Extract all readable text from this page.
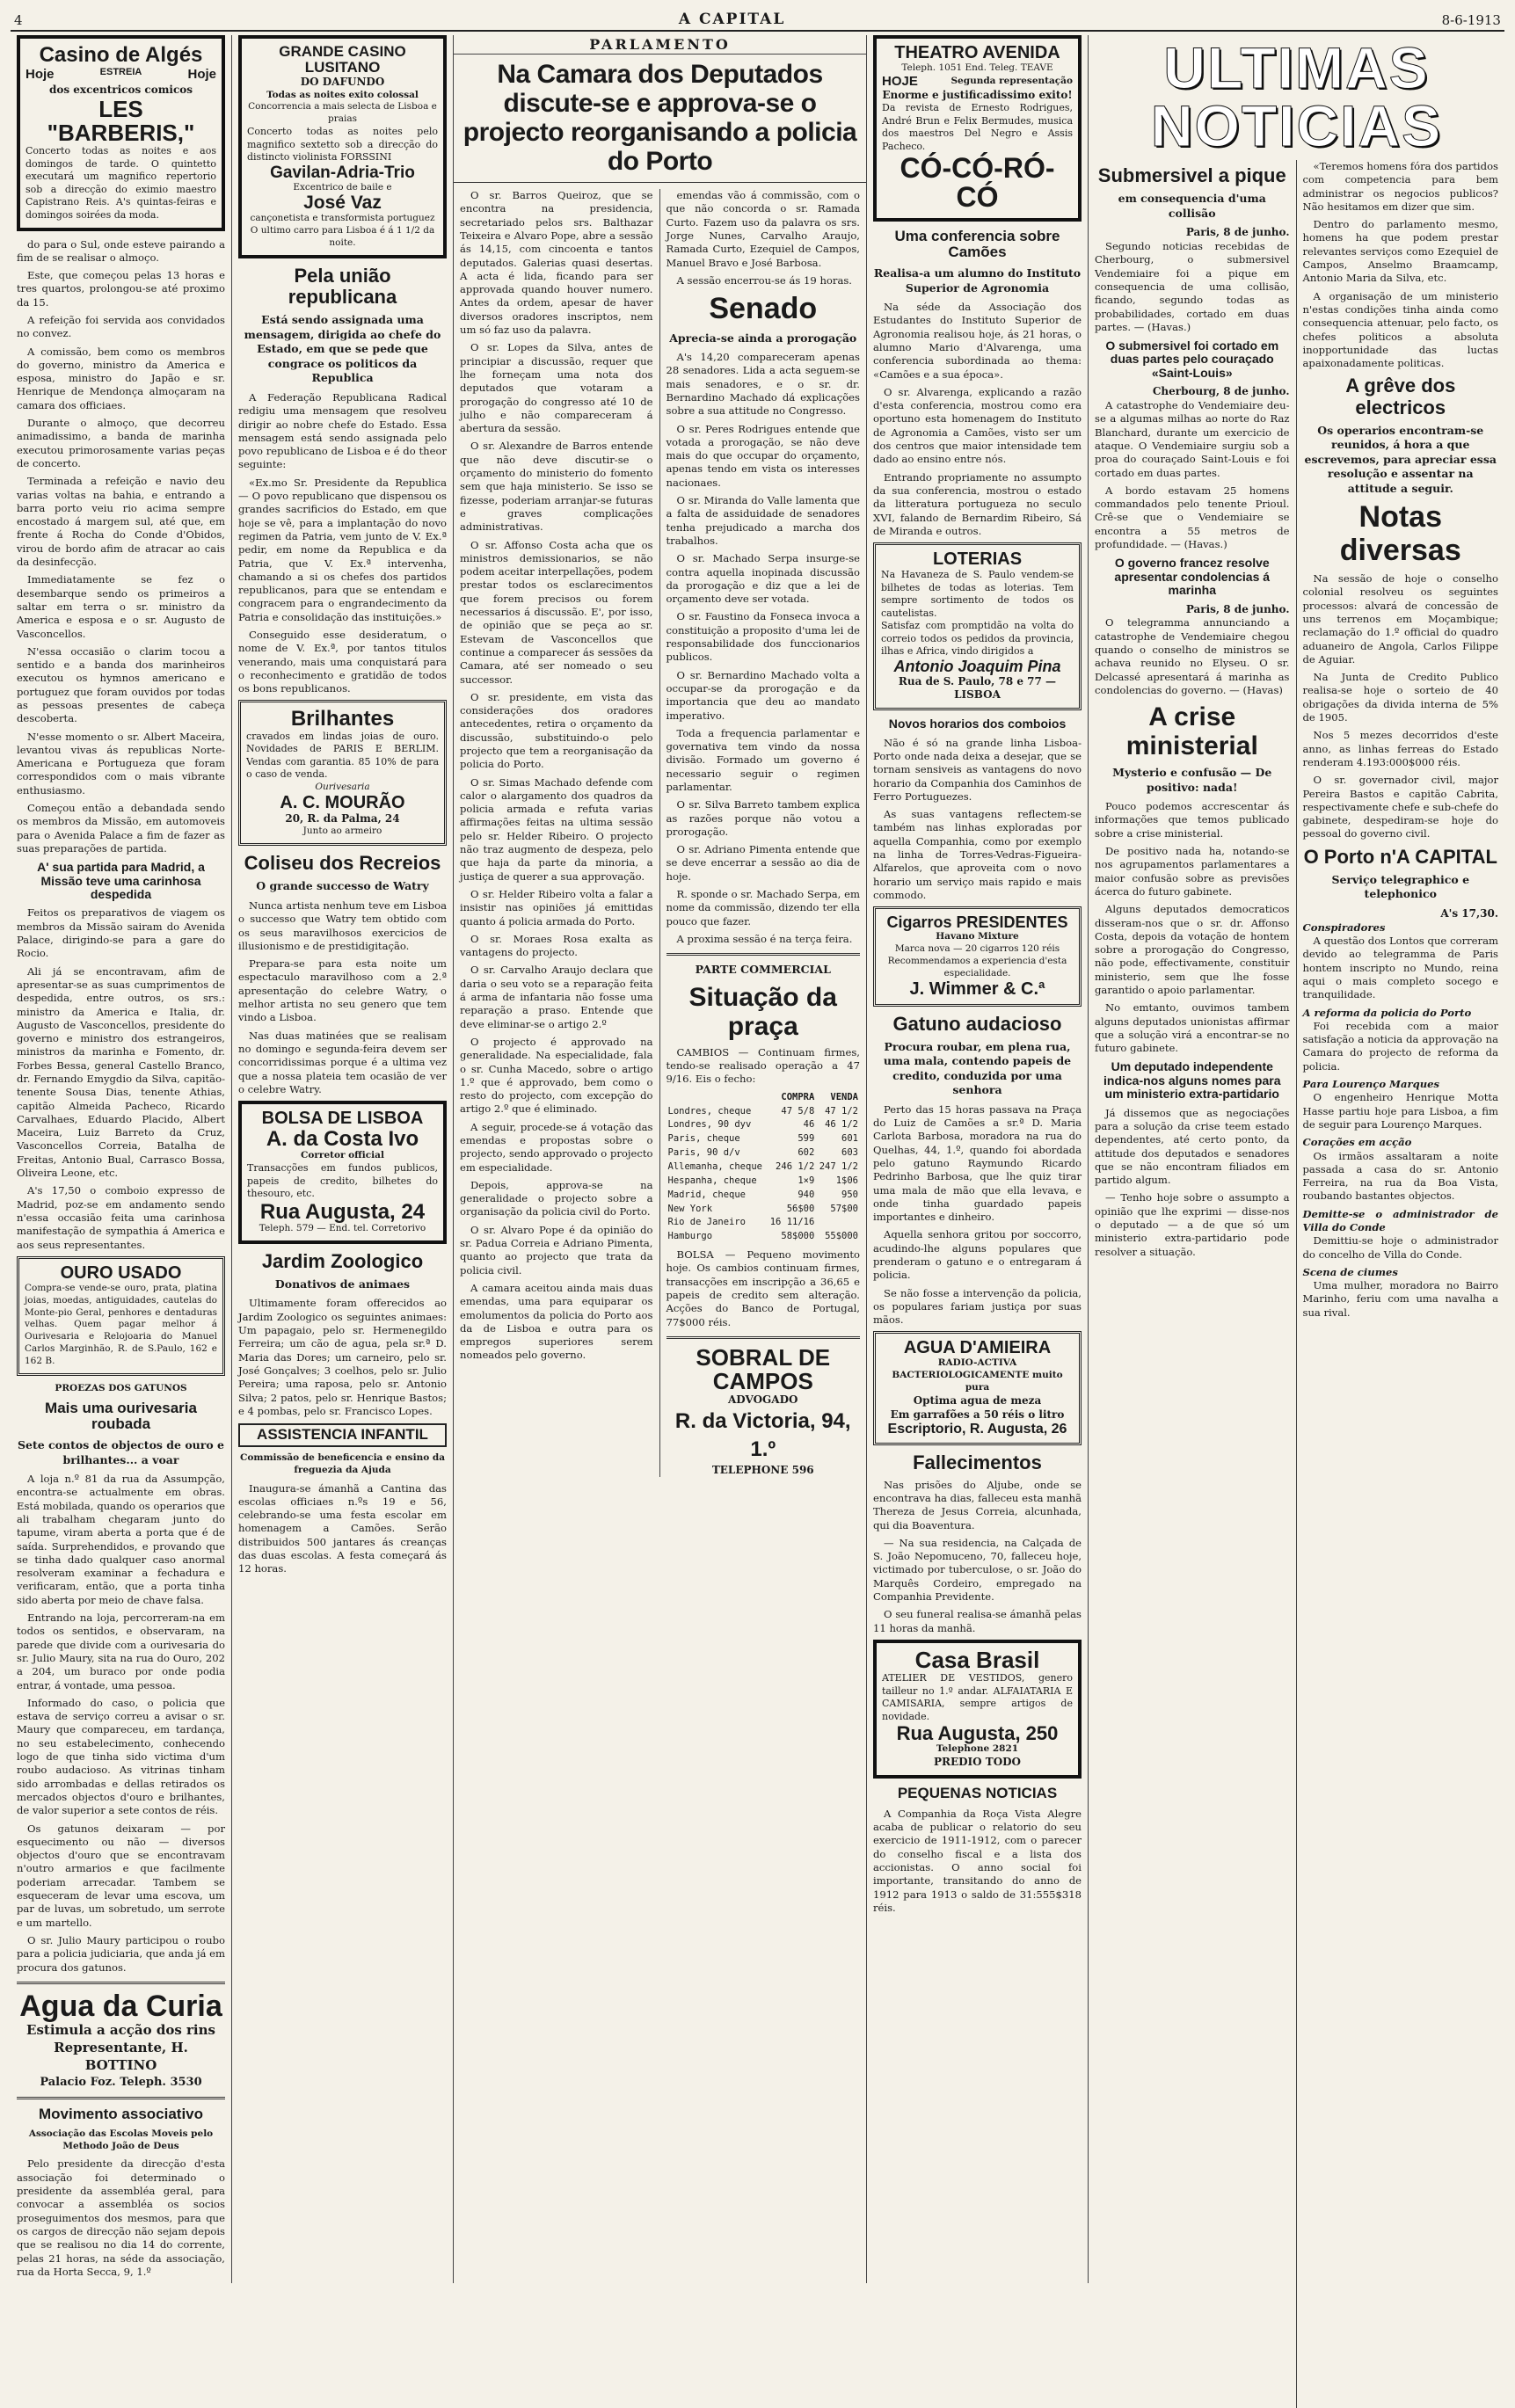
4	A CAPITAL	8-6-1913
Casino de Algés
Hoje	ESTREIA	Hoje
dos excentricos comicos
LES "BARBERIS,"
Concerto todas as noites e aos domingos de tarde. O quintetto executará um magnifico repertorio sob a direcção do eximio maestro Capistrano Reis. A's quintas-feiras e domingos soirées da moda.

do para o Sul, onde esteve pairando a fim de se realisar o almoço.

Este, que começou pelas 13 horas e tres quartos, prolongou-se até proximo da 15.

A refeição foi servida aos convidados no convez.

A comissão, bem como os membros do governo, ministro da America e esposa, ministro do Japão e sr. Henrique de Mendonça almoçaram na camara dos officiaes.

Durante o almoço, que decorreu animadissimo, a banda de marinha executou primorosamente varias peças de concerto.

Terminada a refeição e navio deu varias voltas na bahia, e entrando a barra porto veiu rio acima sempre encostado á margem sul, até que, em frente á Rocha do Conde d'Obidos, virou de bordo afim de atracar ao cais da desinfecção.

Immediatamente se fez o desembarque sendo os primeiros a saltar em terra o sr. ministro da America e esposa e o sr. Augusto de Vasconcellos.

N'essa occasião o clarim tocou a sentido e a banda dos marinheiros executou os hymnos americano e portuguez que foram ouvidos por todas as pessoas presentes de cabeça descoberta.

N'esse momento o sr. Albert Maceira, levantou vivas ás republicas Norte-Americana e Portugueza que foram correspondidos com o mais vibrante enthusiasmo.

Começou então a debandada sendo os membros da Missão, em automoveis para o Avenida Palace a fim de fazer as suas preparações de partida.

A' sua partida para Madrid, a Missão teve uma carinhosa despedida

Feitos os preparativos de viagem os membros da Missão sairam do Avenida Palace, dirigindo-se para a gare do Rocio.

Ali já se encontravam, afim de apresentar-se as suas cumprimentos de despedida, entre outros, os srs.: ministro da America e Italia, dr. Augusto de Vasconcellos, presidente do governo e ministro dos estrangeiros, ministros da marinha e Fomento, dr. Forbes Bessa, general Castello Branco, dr. Fernando Emygdio da Silva, capitão-tenente Sousa Dias, tenente Athias, capitão Almeida Pacheco, Ricardo Carvalhaes, Eduardo Placido, Albert Maceira, Luiz Barreto da Cruz, Vasconcellos Correia, Batalha de Freitas, Antonio Bual, Carrasco Bossa, Oliveira Leone, etc.

A's 17,50 o comboio expresso de Madrid, poz-se em andamento sendo n'essa occasião feita uma carinhosa manifestação de sympathia á America e aos seus representantes.

OURO USADO
Compra-se vende-se ouro, prata, platina joias, moedas, antiguidades, cautelas do Monte-pio Geral, penhores e dentaduras velhas. Quem pagar melhor á Ourivesaria e Relojoaria do Manuel Carlos Marginhão, R. de S.Paulo, 162 e 162 B.
PROEZAS DOS GATUNOS
Mais uma ourivesaria roubada
Sete contos de objectos de ouro e brilhantes... a voar

A loja n.º 81 da rua da Assumpção, encontra-se actualmente em obras. Está mobilada, quando os operarios que ali trabalham chegaram junto do tapume, viram aberta a porta que é de saída. Surprehendidos, e provando que se tinha dado qualquer caso anormal resolveram examinar a fechadura e verificaram, então, que a porta tinha sido aberta por meio de chave falsa.

Entrando na loja, percorreram-na em todos os sentidos, e observaram, na parede que divide com a ourivesaria do sr. Julio Maury, sita na rua do Ouro, 202 a 204, um buraco por onde podia entrar, á vontade, uma pessoa.

Informado do caso, o policia que estava de serviço correu a avisar o sr. Maury que compareceu, em tardança, no seu estabelecimento, conhecendo logo de que tinha sido victima d'um roubo audacioso. As vitrinas tinham sido arrombadas e dellas retirados os mercados objectos d'ouro e brilhantes, de valor superior a sete contos de réis.

Os gatunos deixaram — por esquecimento ou não — diversos objectos d'ouro que se encontravam n'outro armarios e que facilmente poderiam arrecadar. Tambem se esqueceram de levar uma escova, um par de luvas, um sobretudo, um serrote e um martello.

O sr. Julio Maury participou o roubo para a policia judiciaria, que anda já em procura dos gatunos.

Agua da Curia
Estimula a acção dos rins
Representante, H. BOTTINO
Palacio Foz. Teleph. 3530
Movimento associativo
Associação das Escolas Moveis pelo Methodo João de Deus

Pelo presidente da direcção d'esta associação foi determinado o presidente da assembléa geral, para convocar a assembléa os socios proseguimentos dos mesmos, para que os cargos de direcção não sejam depois que se realisou no dia 14 do corrente, pelas 21 horas, na séde da associação, rua da Horta Secca, 9, 1.º

GRANDE CASINO LUSITANO
DO DAFUNDO
Todas as noites exito colossal
Concorrencia a mais selecta de Lisboa e praias
Concerto todas as noites pelo magnifico sextetto sob a direcção do distincto violinista FORSSINI
Gavilan-Adria-Trio
Excentrico de baile e
José Vaz
cançonetista e transformista portuguez
O ultimo carro para Lisboa é á 1 1/2 da noite.
Pela união republicana
Está sendo assignada uma mensagem, dirigida ao chefe do Estado, em que se pede que congrace os politicos da Republica

A Federação Republicana Radical redigiu uma mensagem que resolveu dirigir ao nobre chefe do Estado. Essa mensagem está sendo assignada pelo povo republicano de Lisboa e é do theor seguinte:

«Ex.mo Sr. Presidente da Republica — O povo republicano que dispensou os grandes sacrificios do Estado, em que hoje se vê, para a implantação do novo regimen da Patria, vem junto de V. Ex.ª pedir, em nome da Republica e da Patria, que V. Ex.ª intervenha, chamando a si os chefes dos partidos republicanos, para que se entendam e congracem para o engrandecimento da Patria e consolidação das instituições.»

Conseguido esse desideratum, o nome de V. Ex.ª, por tantos titulos venerando, mais uma conquistará para o reconhecimento e gratidão de todos os bons republicanos.

Brilhantes
cravados em lindas joias de ouro. Novidades de PARIS E BERLIM. Vendas com garantia. 85 10% de para o caso de venda.
Ourivesaria
A. C. MOURÃO
20, R. da Palma, 24
Junto ao armeiro
Coliseu dos Recreios
O grande successo de Watry

Nunca artista nenhum teve em Lisboa o successo que Watry tem obtido com os seus maravilhosos exercicios de illusionismo e de prestidigitação.

Prepara-se para esta noite um espectaculo maravilhoso com a 2.ª apresentação do celebre Watry, o melhor artista no seu genero que tem vindo a Lisboa.

Nas duas matinées que se realisam no domingo e segunda-feira devem ser concorridissimas porque é a ultima vez que a nossa plateia tem ocasião de ver o celebre Watry.

BOLSA DE LISBOA
A. da Costa Ivo
Corretor official
Transacções em fundos publicos, papeis de credito, bilhetes do thesouro, etc.
Rua Augusta, 24
Teleph. 579 — End. tel. Corretorivo
Jardim Zoologico
Donativos de animaes

Ultimamente foram offerecidos ao Jardim Zoologico os seguintes animaes: Um papagaio, pelo sr. Hermenegildo Ferreira; um cão de agua, pela sr.ª D. Maria das Dores; um carneiro, pelo sr. José Gonçalves; 3 coelhos, pelo sr. Julio Pereira; uma raposa, pelo sr. Antonio Silva; 2 patos, pelo sr. Henrique Bastos; e 4 pombas, pelo sr. Francisco Lopes.

ASSISTENCIA INFANTIL
Commissão de beneficencia e ensino da freguezia da Ajuda

Inaugura-se ámanhã a Cantina das escolas officiaes n.ºs 19 e 56, celebrando-se uma festa escolar em homenagem a Camões. Serão distribuidos 500 jantares ás creanças das duas escolas. A festa começará ás 12 horas.

PARLAMENTO
Na Camara dos Deputados discute-se e approva-se o projecto reorganisando a policia do Porto

O sr. Barros Queiroz, que se encontra na presidencia, secretariado pelos srs. Balthazar Teixeira e Alvaro Pope, abre a sessão ás 14,15, com cincoenta e tantos deputados. Galerias quasi desertas. A acta é lida, ficando para ser approvada quando houver numero. Antes da ordem, apesar de haver diversos oradores inscriptos, nem um só faz uso da palavra.

O sr. Lopes da Silva, antes de principiar a discussão, requer que lhe forneçam uma nota dos deputados que votaram a prorogação do congresso até 10 de julho e não compareceram á abertura da sessão.

O sr. Alexandre de Barros entende que não deve discutir-se o orçamento do ministerio do fomento sem que haja ministerio. Se isso se fizesse, poderiam arranjar-se futuras e graves complicações administrativas.

O sr. Affonso Costa acha que os ministros demissionarios, se não podem aceitar interpellações, podem prestar todos os esclarecimentos que forem precisos ou forem necessarios á discussão. E', por isso, de opinião que se peça ao sr. Estevam de Vasconcellos que continue a comparecer ás sessões da Camara, até ser nomeado o seu successor.

O sr. presidente, em vista das considerações dos oradores antecedentes, retira o orçamento da discussão, substituindo-o pelo projecto que tem a reorganisação da policia do Porto.

O sr. Simas Machado defende com calor o alargamento dos quadros da policia armada e refuta varias affirmações feitas na ultima sessão pelo sr. Helder Ribeiro. O projecto não traz augmento de despeza, pelo que haja da parte da minoria, a justiça de querer a sua approvação.

O sr. Helder Ribeiro volta a falar a insistir nas opiniões já emittidas quanto á policia armada do Porto.

O sr. Moraes Rosa exalta as vantagens do projecto.

O sr. Carvalho Araujo declara que daria o seu voto se a reparação feita á arma de infantaria não fosse uma reparação a praso. Entende que deve eliminar-se o artigo 2.º

O projecto é approvado na generalidade. Na especialidade, fala o sr. Cunha Macedo, sobre o artigo 1.º que é approvado, bem como o resto do projecto, com excepção do artigo 2.º que é eliminado.

A seguir, procede-se á votação das emendas e propostas sobre o projecto, sendo approvado o projecto em especialidade.

Depois, approva-se na generalidade o projecto sobre a organisação da policia civil do Porto.

O sr. Alvaro Pope é da opinião do sr. Padua Correia e Adriano Pimenta, quanto ao projecto que trata da policia civil.

A camara aceitou ainda mais duas emendas, uma para equiparar os emolumentos da policia do Porto aos da de Lisboa e outra para os empregos superiores serem nomeados pelo governo.

emendas vão á commissão, com o que não concorda o sr. Ramada Curto. Fazem uso da palavra os srs. Jorge Nunes, Carvalho Araujo, Ramada Curto, Ezequiel de Campos, Manuel Bravo e José Barbosa.

A sessão encerrou-se ás 19 horas.

Senado
Aprecia-se ainda a prorogação

A's 14,20 compareceram apenas 28 senadores. Lida a acta seguem-se mais senadores, e o sr. dr. Bernardino Machado dá explicações sobre a sua attitude no Congresso.

O sr. Peres Rodrigues entende que votada a prorogação, se não deve mais do que occupar do orçamento, apenas tendo em vista os interesses nacionaes.

O sr. Miranda do Valle lamenta que a falta de assiduidade de senadores tenha prejudicado a marcha dos trabalhos.

O sr. Machado Serpa insurge-se contra aquella inopinada discussão da prorogação e diz que a lei de orçamento deve ser votada.

O sr. Faustino da Fonseca invoca a constituição a proposito d'uma lei de responsabilidade dos funccionarios publicos.

O sr. Bernardino Machado volta a occupar-se da prorogação e da importancia que deu ao mandato imperativo.

Toda a frequencia parlamentar e governativa tem vindo da nossa divisão. Formado um governo é necessario seguir o regimen parlamentar.

O sr. Silva Barreto tambem explica as razões porque não votou a prorogação.

O sr. Adriano Pimenta entende que se deve encerrar a sessão ao dia de hoje.

R. sponde o sr. Machado Serpa, em nome da commissão, dizendo ter ella pouco que fazer.

A proxima sessão é na terça feira.

PARTE COMMERCIAL
Situação da praça

CAMBIOS — Continuam firmes, tendo-se realisado operação a 47 9/16. Eis o fecho:

	COMPRA	VENDA
Londres, cheque	47 5/8	47 1/2
Londres, 90 dyv	46	46 1/2
Paris, cheque	599	601
Paris, 90 d/v	602	603
Allemanha, cheque	246 1/2	247 1/2
Hespanha, cheque	1×9	1$06
Madrid, cheque	940	950
New York	56$00	57$00
Rio de Janeiro	16 11/16	
Hamburgo	58$000	55$000

BOLSA — Pequeno movimento hoje. Os cambios continuam firmes, transacções em inscripção a 36,65 e papeis de credito sem alteração. Acções do Banco de Portugal, 77$000 réis.

SOBRAL DE CAMPOS
ADVOGADO
R. da Victoria, 94, 1.º
TELEPHONE 596
THEATRO AVENIDA
Teleph. 1051 End. Teleg. TEAVE
HOJE	Segunda representação
Enorme e justificadissimo exito!
Da revista de Ernesto Rodrigues, André Brun e Felix Bermudes, musica dos maestros Del Negro e Assis Pacheco.
CÓ-CÓ-RÓ-CÓ
Uma conferencia sobre Camões
Realisa-a um alumno do Instituto Superior de Agronomia

Na séde da Associação dos Estudantes do Instituto Superior de Agronomia realisou hoje, ás 21 horas, o alumno Mario d'Alvarenga, uma conferencia subordinada ao thema: «Camões e a sua época».

O sr. Alvarenga, explicando a razão d'esta conferencia, mostrou como era oportuno esta homenagem do Instituto de Agronomia a Camões, visto ser um dos centros que maior intensidade tem dado ao ensino entre nós.

Entrando propriamente no assumpto da sua conferencia, mostrou o estado da litteratura portugueza no seculo XVI, falando de Bernardim Ribeiro, Sá de Miranda e outros.

LOTERIAS
Na Havaneza de S. Paulo vendem-se bilhetes de todas as loterias. Tem sempre sortimento de todos os cautelistas.
Satisfaz com promptidão na volta do correio todos os pedidos da provincia, ilhas e Africa, vindo dirigidos a
Antonio Joaquim Pina
Rua de S. Paulo, 78 e 77 — LISBOA
Novos horarios dos comboios

Não é só na grande linha Lisboa-Porto onde nada deixa a desejar, que se tornam sensiveis as vantagens do novo horario da Companhia dos Caminhos de Ferro Portuguezes.

As suas vantagens reflectem-se também nas linhas exploradas por aquella Companhia, como por exemplo na linha de Torres-Vedras-Figueira-Alfarelos, que aproveita com o novo horario um serviço mais rapido e mais commodo.

Cigarros PRESIDENTES
Havano Mixture
Marca nova — 20 cigarros 120 réis
Recommendamos a experiencia d'esta especialidade.
J. Wimmer & C.ª
Gatuno audacioso
Procura roubar, em plena rua, uma mala, contendo papeis de credito, conduzida por uma senhora

Perto das 15 horas passava na Praça do Luiz de Camões a sr.ª D. Maria Carlota Barbosa, moradora na rua do Quelhas, 44, 1.º, quando foi abordada pelo gatuno Raymundo Ricardo Pedrinho Barbosa, que lhe quiz tirar uma mala de mão que ella levava, e onde tinha guardado papeis importantes e dinheiro.

Aquella senhora gritou por soccorro, acudindo-lhe alguns populares que prenderam o gatuno e o entregaram á policia.

Se não fosse a intervenção da policia, os populares fariam justiça por suas mãos.

AGUA D'AMIEIRA
RADIO-ACTIVA BACTERIOLOGICAMENTE muito pura
Optima agua de meza
Em garrafões a 50 réis o litro
Escriptorio, R. Augusta, 26
Fallecimentos

Nas prisões do Aljube, onde se encontrava ha dias, falleceu esta manhã Thereza de Jesus Correia, alcunhada, qui dia Boaventura.

— Na sua residencia, na Calçada de S. João Nepomuceno, 70, falleceu hoje, victimado por tuberculose, o sr. João do Marquês Cordeiro, empregado na Companhia Previdente.

O seu funeral realisa-se ámanhã pelas 11 horas da manhã.

Casa Brasil
ATELIER DE VESTIDOS, genero tailleur no 1.º andar. ALFAIATARIA E CAMISARIA, sempre artigos de novidade.
Rua Augusta, 250
Telephone 2821
PREDIO TODO
PEQUENAS NOTICIAS

A Companhia da Roça Vista Alegre acaba de publicar o relatorio do seu exercicio de 1911-1912, com o parecer do conselho fiscal e a lista dos accionistas. O anno social foi importante, transitando do anno de 1912 para 1913 o saldo de 31:555$318 réis.

ULTIMAS NOTICIAS
Submersivel a pique
em consequencia d'uma collisão
Paris, 8 de junho.

Segundo noticias recebidas de Cherbourg, o submersivel Vendemiaire foi a pique em consequencia de uma collisão, ficando, segundo todas as probabilidades, cortado em duas partes. — (Havas.)

O submersivel foi cortado em duas partes pelo couraçado «Saint-Louis»
Cherbourg, 8 de junho.

A catastrophe do Vendemiaire deu-se a algumas milhas ao norte do Raz Blanchard, durante um exercicio de ataque. O Vendemiaire surgiu sob a proa do couraçado Saint-Louis e foi cortado em duas partes.

A bordo estavam 25 homens commandados pelo tenente Prioul. Crê-se que o Vendemiaire se encontra a 55 metros de profundidade. — (Havas.)

O governo francez resolve apresentar condolencias á marinha
Paris, 8 de junho.

O telegramma annunciando a catastrophe de Vendemiaire chegou quando o conselho de ministros se achava reunido no Elyseu. O sr. Delcassé apresentará á marinha as condolencias do governo. — (Havas)

A crise ministerial
Mysterio e confusão — De positivo: nada!

Pouco podemos accrescentar ás informações que temos publicado sobre a crise ministerial.

De positivo nada ha, notando-se nos agrupamentos parlamentares a maior confusão sobre as previsões ácerca do futuro gabinete.

Alguns deputados democraticos disseram-nos que o sr. dr. Affonso Costa, depois da votação de hontem sobre a prorogação do Congresso, não pode, effectivamente, constituir ministerio, sem que lhe fosse garantido o apoio parlamentar.

No emtanto, ouvimos tambem alguns deputados unionistas affirmar que a solução virá a encontrar-se no futuro gabinete.

Um deputado independente indica-nos alguns nomes para um ministerio extra-partidario

Já dissemos que as negociações para a solução da crise teem estado dependentes, até certo ponto, da attitude dos deputados e senadores que se não encontram filiados em partido algum.

— Tenho hoje sobre o assumpto a opinião que lhe exprimi — disse-nos o deputado — a de que só um ministerio extra-partidario pode resolver a situação.

«Teremos homens fóra dos partidos com competencia para bem administrar os negocios publicos? Não hesitamos em dizer que sim.

Dentro do parlamento mesmo, homens ha que podem prestar relevantes serviços como Ezequiel de Campos, Anselmo Braamcamp, Antonio Maria da Silva, etc.

A organisação de um ministerio n'estas condições tinha ainda como consequencia attenuar, pelo facto, os chefes politicos a absoluta inopportunidade das luctas apaixonadamente politicas.

A grêve dos electricos
Os operarios encontram-se reunidos, á hora a que escrevemos, para apreciar essa resolução e assentar na attitude a seguir.
Notas diversas

Na sessão de hoje o conselho colonial resolveu os seguintes processos: alvará de concessão de uns terrenos em Moçambique; reclamação do 1.º official do quadro aduaneiro de Angola, Carlos Filippe de Aguiar.

Na Junta de Credito Publico realisa-se hoje o sorteio de 40 obrigações da divida interna de 5% de 1905.

Nos 5 mezes decorridos d'este anno, as linhas ferreas do Estado renderam 4.193:000$000 réis.

O sr. governador civil, major Pereira Bastos e capitão Cabrita, respectivamente chefe e sub-chefe do gabinete, despediram-se hoje do pessoal do governo civil.

O Porto n'A CAPITAL
Serviço telegraphico e telephonico
A's 17,30.
Conspiradores

A questão dos Lontos que correram devido ao telegramma de Paris hontem inscripto no Mundo, reina aqui o mais completo socego e tranquilidade.

A reforma da policia do Porto

Foi recebida com a maior satisfação a noticia da approvação na Camara do projecto de reforma da policia.

Para Lourenço Marques

O engenheiro Henrique Motta Hasse partiu hoje para Lisboa, a fim de seguir para Lourenço Marques.

Corações em acção

Os irmãos assaltaram a noite passada a casa do sr. Antonio Ferreira, na rua da Boa Vista, roubando bastantes objectos.

Demitte-se o administrador de Villa do Conde

Demittiu-se hoje o administrador do concelho de Villa do Conde.

Scena de ciumes

Uma mulher, moradora no Bairro Marinho, feriu com uma navalha a sua rival.
